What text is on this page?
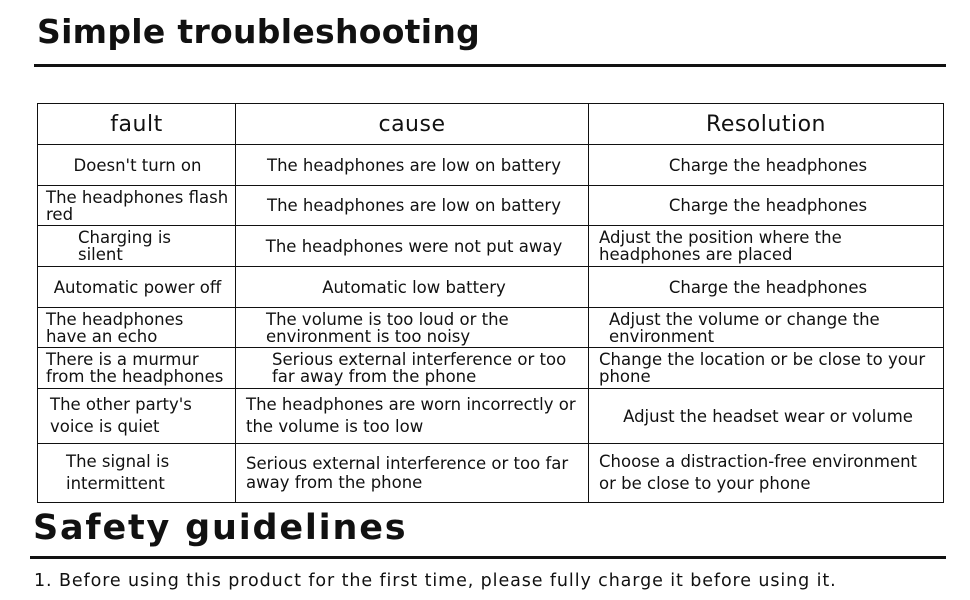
Simple troubleshooting
fault	cause	Resolution
Doesn't turn on	The headphones are low on battery	Charge the headphones
The headphones flash red	The headphones are low on battery	Charge the headphones
Charging is silent	The headphones were not put away	Adjust the position where the headphones are placed
Automatic power off	Automatic low battery	Charge the headphones
The headphones have an echo	The volume is too loud or the environment is too noisy	Adjust the volume or change the environment
There is a murmur from the headphones	Serious external interference or too far away from the phone	Change the location or be close to your phone
The other party's voice is quiet	The headphones are worn incorrectly or the volume is too low	Adjust the headset wear or volume
The signal is intermittent	Serious external interference or too far away from the phone	Choose a distraction-free environment or be close to your phone
Safety guidelines
1. Before using this product for the first time, please fully charge it before using it.
